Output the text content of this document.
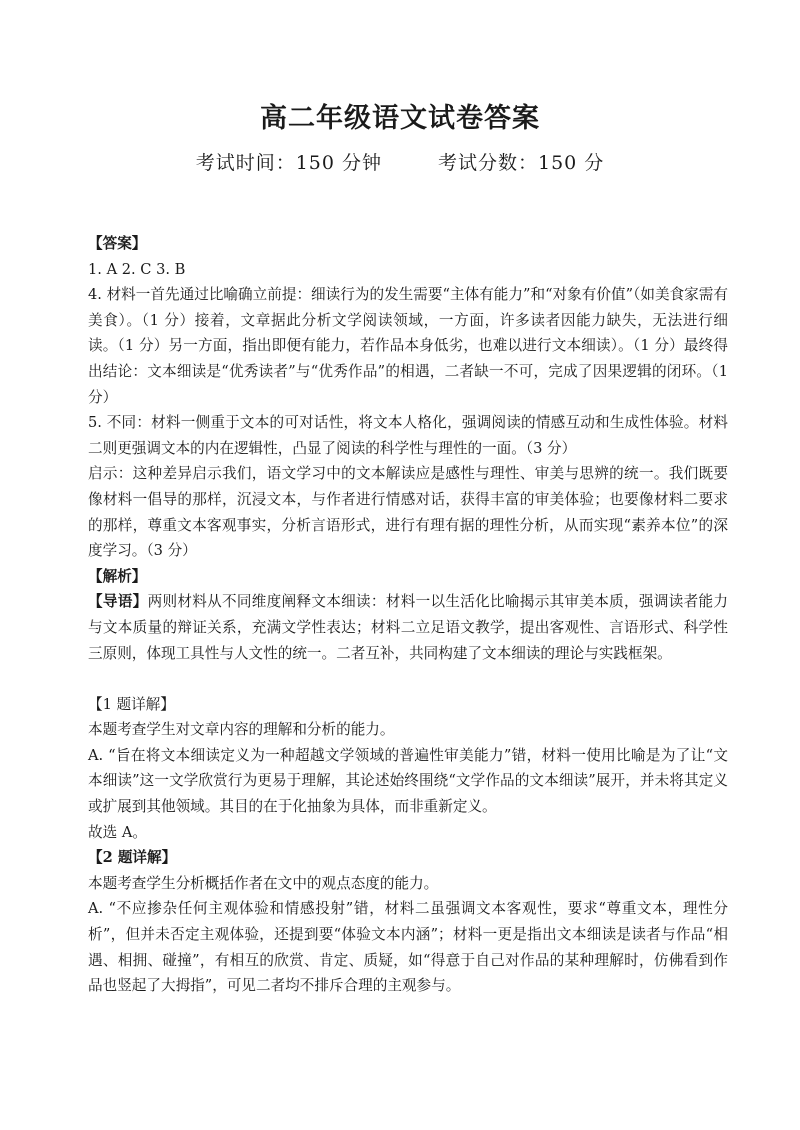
高二年级语文试卷答案
考试时间：150 分钟	考试分数：150 分

【答案】

1. A 2. C 3. B

4. 材料一首先通过比喻确立前提：细读行为的发生需要“主体有能力”和“对象有价值”（如美食家需有美食）。（1 分）接着，文章据此分析文学阅读领域，一方面，许多读者因能力缺失，无法进行细读。（1 分）另一方面，指出即便有能力，若作品本身低劣，也难以进行文本细读）。（1 分）最终得出结论：文本细读是“优秀读者”与“优秀作品”的相遇，二者缺一不可，完成了因果逻辑的闭环。（1 分）

5. 不同：材料一侧重于文本的可对话性，将文本人格化，强调阅读的情感互动和生成性体验。材料二则更强调文本的内在逻辑性，凸显了阅读的科学性与理性的一面。（3 分）

启示：这种差异启示我们，语文学习中的文本解读应是感性与理性、审美与思辨的统一。我们既要像材料一倡导的那样，沉浸文本，与作者进行情感对话，获得丰富的审美体验；也要像材料二要求的那样，尊重文本客观事实，分析言语形式，进行有理有据的理性分析，从而实现“素养本位”的深度学习。（3 分）

【解析】

【导语】两则材料从不同维度阐释文本细读：材料一以生活化比喻揭示其审美本质，强调读者能力与文本质量的辩证关系，充满文学性表达；材料二立足语文教学，提出客观性、言语形式、科学性三原则，体现工具性与人文性的统一。二者互补，共同构建了文本细读的理论与实践框架。

【1 题详解】

本题考查学生对文章内容的理解和分析的能力。

A. “旨在将文本细读定义为一种超越文学领域的普遍性审美能力”错，材料一使用比喻是为了让“文本细读”这一文学欣赏行为更易于理解，其论述始终围绕“文学作品的文本细读”展开，并未将其定义或扩展到其他领域。其目的在于化抽象为具体，而非重新定义。

故选 A。

【2 题详解】

本题考查学生分析概括作者在文中的观点态度的能力。

A. “不应掺杂任何主观体验和情感投射”错，材料二虽强调文本客观性，要求“尊重文本，理性分析”，但并未否定主观体验，还提到要“体验文本内涵”；材料一更是指出文本细读是读者与作品“相遇、相拥、碰撞”，有相互的欣赏、肯定、质疑，如“得意于自己对作品的某种理解时，仿佛看到作品也竖起了大拇指”，可见二者均不排斥合理的主观参与。
